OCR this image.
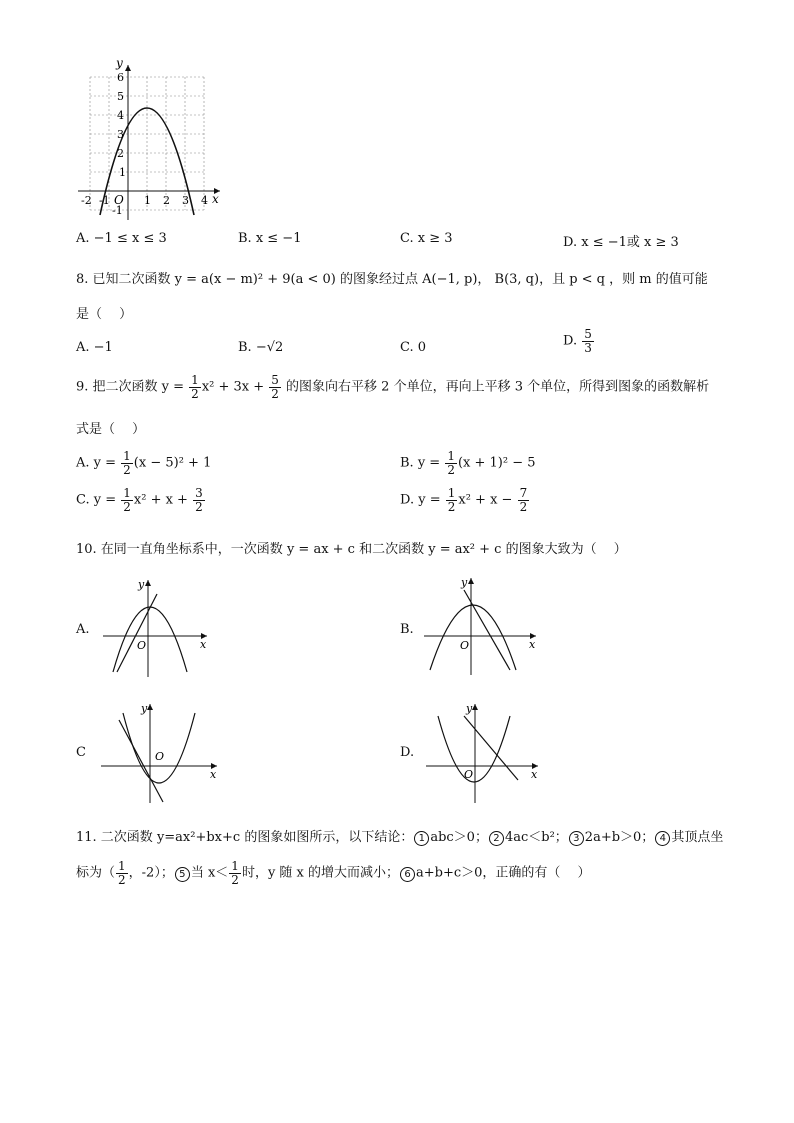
y
x
O
6
5
4
3
2
1
-1
-2 -1	1 2 3 4
A. −1 ≤ x ≤ 3	B. x ≤ −1	C. x ≥ 3	D. x ≤ −1或 x ≥ 3
8. 已知二次函数 y = a(x − m)² + 9(a < 0) 的图象经过点 A(−1, p)， B(3, q)，且 p < q ，则 m 的值可能
是（　 ）
A. −1	B. −√2	C. 0	D. $\frac{5}{3}$
9. 把二次函数 $y = \frac{1}{2} x^2 + 3x + \frac{5}{2}$ 的图象向右平移 2 个单位，再向上平移 3 个单位，所得到图象的函数解析
式是（　 ）
A. $y = \frac{1}{2} (x - 5)^2 + 1$	B. $y = \frac{1}{2} (x + 1)^2 - 5$
C. $y = \frac{1}{2} x^2 + x + \frac{3}{2}$	D. $y = \frac{1}{2} x^2 + x - \frac{7}{2}$
10. 在同一直角坐标系中，一次函数 y = ax + c 和二次函数 y = ax² + c 的图象大致为（　 ）
A.
y
x
O
B.
y
x
O
C
y
x
O	D.
y
x
O
11. 二次函数 y=ax²+bx+c 的图象如图所示，以下结论： 1 abc＞0； 2 4ac＜b²； 3 2a+b＞0； 4 其顶点坐
标为（ $\frac{1}{2}$ ，-2）； 5 当 $x< \frac{1}{2}$ 时，y 随 x 的增大而减小； 6 a+b+c＞0，正确的有（　 ）
